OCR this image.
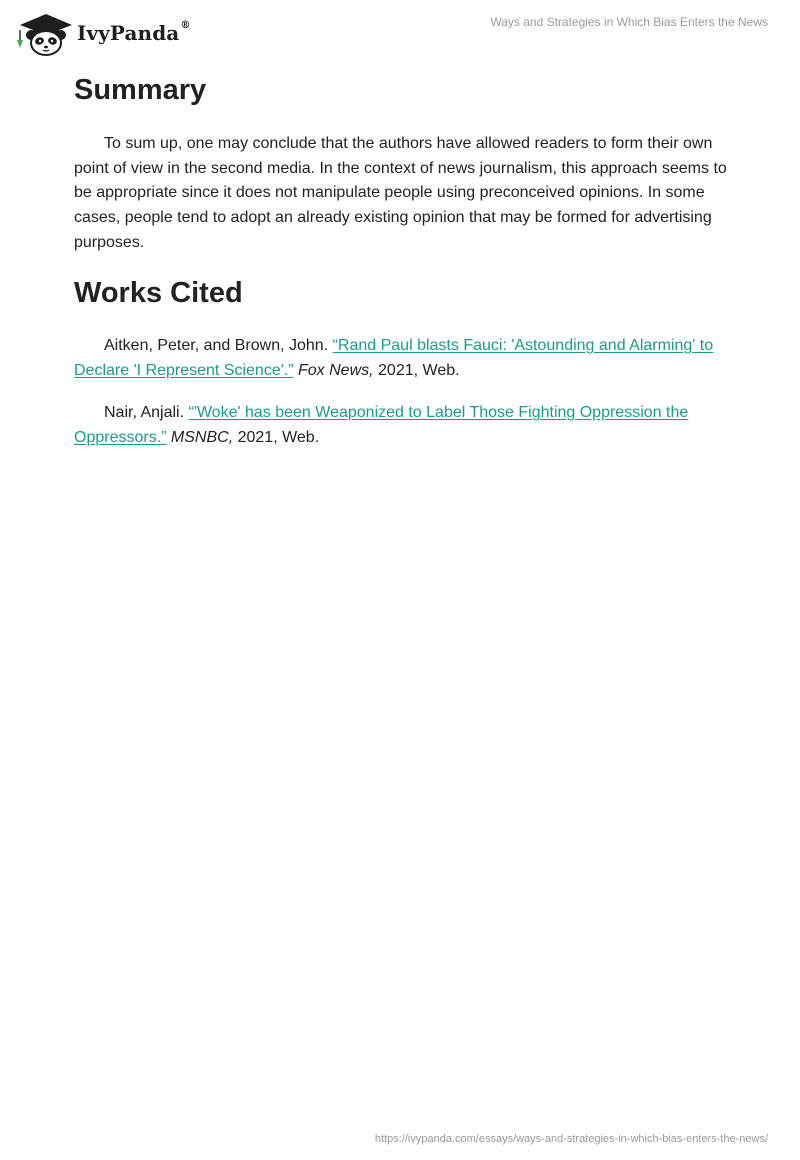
IvyPanda®	Ways and Strategies in Which Bias Enters the News
Summary

To sum up, one may conclude that the authors have allowed readers to form their own point of view in the second media. In the context of news journalism, this approach seems to be appropriate since it does not manipulate people using preconceived opinions. In some cases, people tend to adopt an already existing opinion that may be formed for advertising purposes.

Works Cited

Aitken, Peter, and Brown, John. “Rand Paul blasts Fauci: 'Astounding and Alarming' to Declare 'I Represent Science'.” Fox News, 2021, Web.

Nair, Anjali. “'Woke' has been Weaponized to Label Those Fighting Oppression the Oppressors.” MSNBC, 2021, Web.

https://ivypanda.com/essays/ways-and-strategies-in-which-bias-enters-the-news/
